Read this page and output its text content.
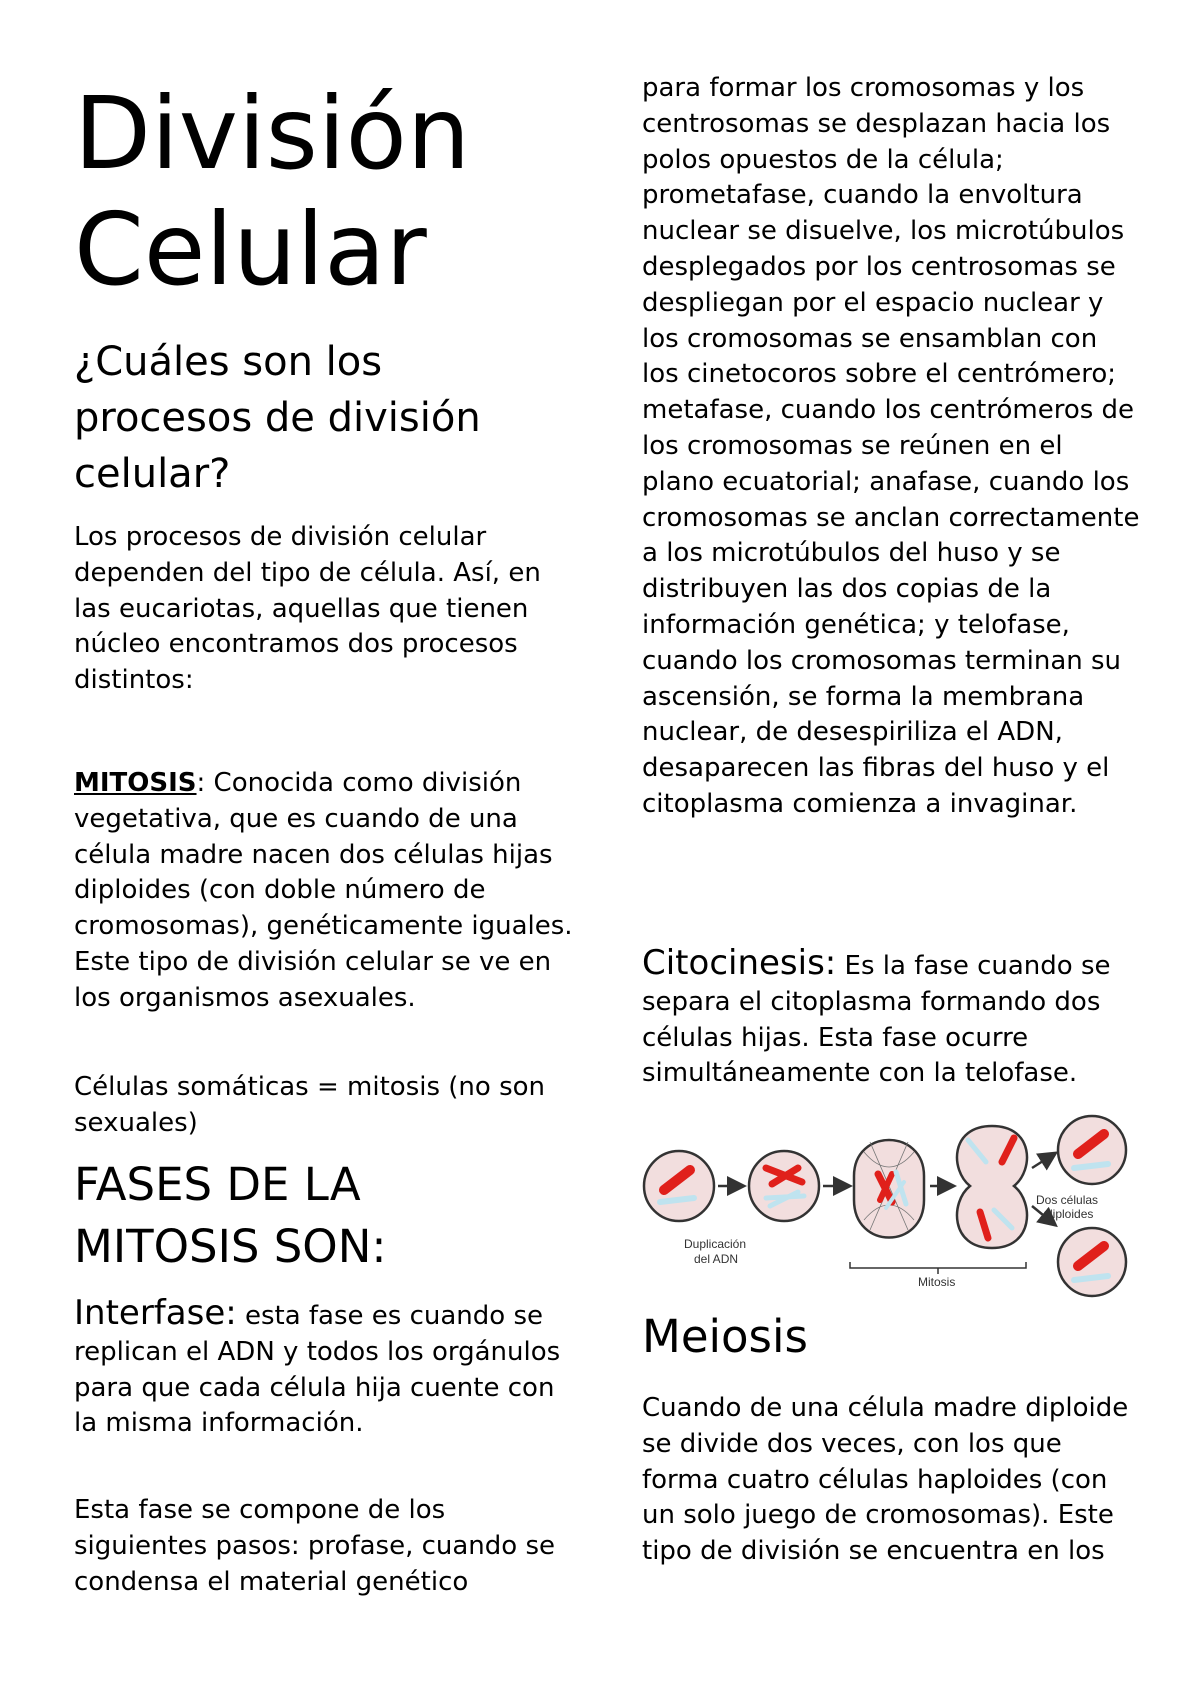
División Celular
¿Cuáles son los procesos de división celular?

Los procesos de división celular dependen del tipo de célula. Así, en las eucariotas, aquellas que tienen núcleo encontramos dos procesos distintos:

MITOSIS: Conocida como división vegetativa, que es cuando de una célula madre nacen dos células hijas diploides (con doble número de cromosomas), genéticamente iguales. Este tipo de división celular se ve en los organismos asexuales.

Células somáticas = mitosis (no son sexuales)

FASES DE LA MITOSIS SON:

Interfase: esta fase es cuando se replican el ADN y todos los orgánulos para que cada célula hija cuente con la misma información.

Esta fase se compone de los siguientes pasos: profase, cuando se condensa el material genético

para formar los cromosomas y los centrosomas se desplazan hacia los polos opuestos de la célula; prometafase, cuando la envoltura nuclear se disuelve, los microtúbulos desplegados por los centrosomas se despliegan por el espacio nuclear y los cromosomas se ensamblan con los cinetocoros sobre el centrómero; metafase, cuando los centrómeros de los cromosomas se reúnen en el plano ecuatorial; anafase, cuando los cromosomas se anclan correctamente a los microtúbulos del huso y se distribuyen las dos copias de la información genética; y telofase, cuando los cromosomas terminan su ascensión, se forma la membrana nuclear, de desespiriliza el ADN, desaparecen las fibras del huso y el citoplasma comienza a invaginar.

Citocinesis: Es la fase cuando se separa el citoplasma formando dos células hijas. Esta fase ocurre simultáneamente con la telofase.

Duplicación
del ADN
Mitosis
Dos células
diploides
Meiosis

Cuando de una célula madre diploide se divide dos veces, con los que forma cuatro células haploides (con un solo juego de cromosomas). Este tipo de división se encuentra en los
